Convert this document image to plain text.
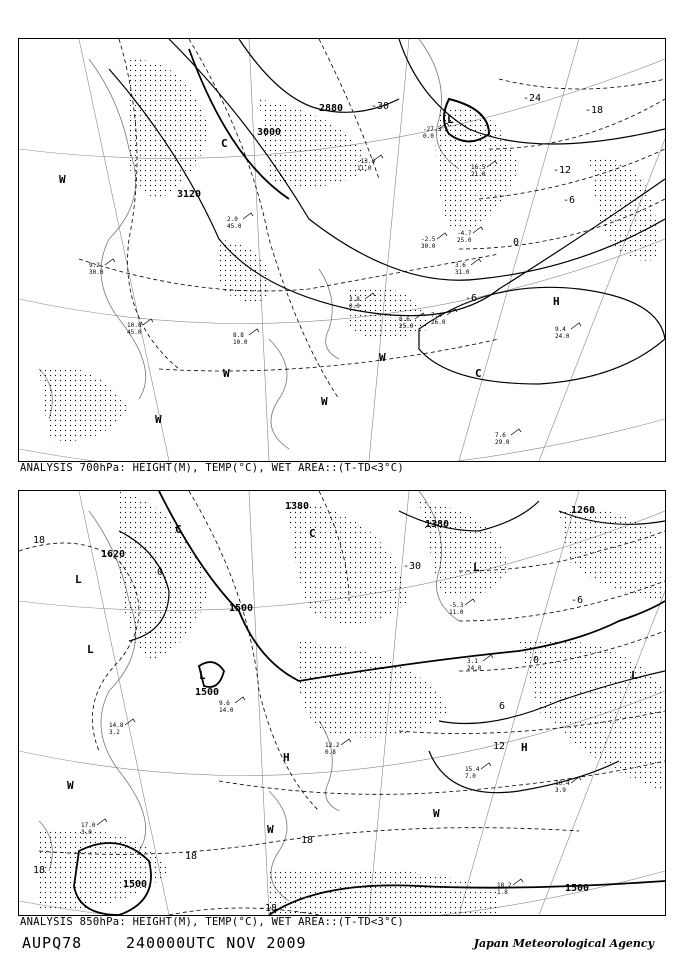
2880
3000
3120
-30
-24
-18
-12
-6
0
-6
L
H
C
C
W
W
W
W
W
7.4
26.0
9.4
24.0
7.6
29.0
8.6
25.0
3.8
0.0
10.8
45.0
9.2
30.0
8.8
10.0
-2.5
30.0
-4.7
25.0
3.6
31.0
16.5
21.0
-27.3
0.0
-13.9
11.0
2.0
45.0
ANALYSIS 700hPa: HEIGHT(M), TEMP(°C), WET AREA::(T-TD<3°C)
1380
1380
1260
1500
1500
1500	1500
1620
18
0
-30
-6
0
6
12
18
18
18
-18
L
L
L
L
L
H
H
C	C
W
W
W
15.4
7.0
16.4
3.9
18.2
1.8
17.0
3.0
14.8
3.2
12.2
0.8
9.6
14.0
3.1
24.0
-5.3
11.0
ANALYSIS 850hPa: HEIGHT(M), TEMP(°C), WET AREA::(T-TD<3°C)
AUPQ78	240000UTC NOV 2009	Japan Meteorological Agency
